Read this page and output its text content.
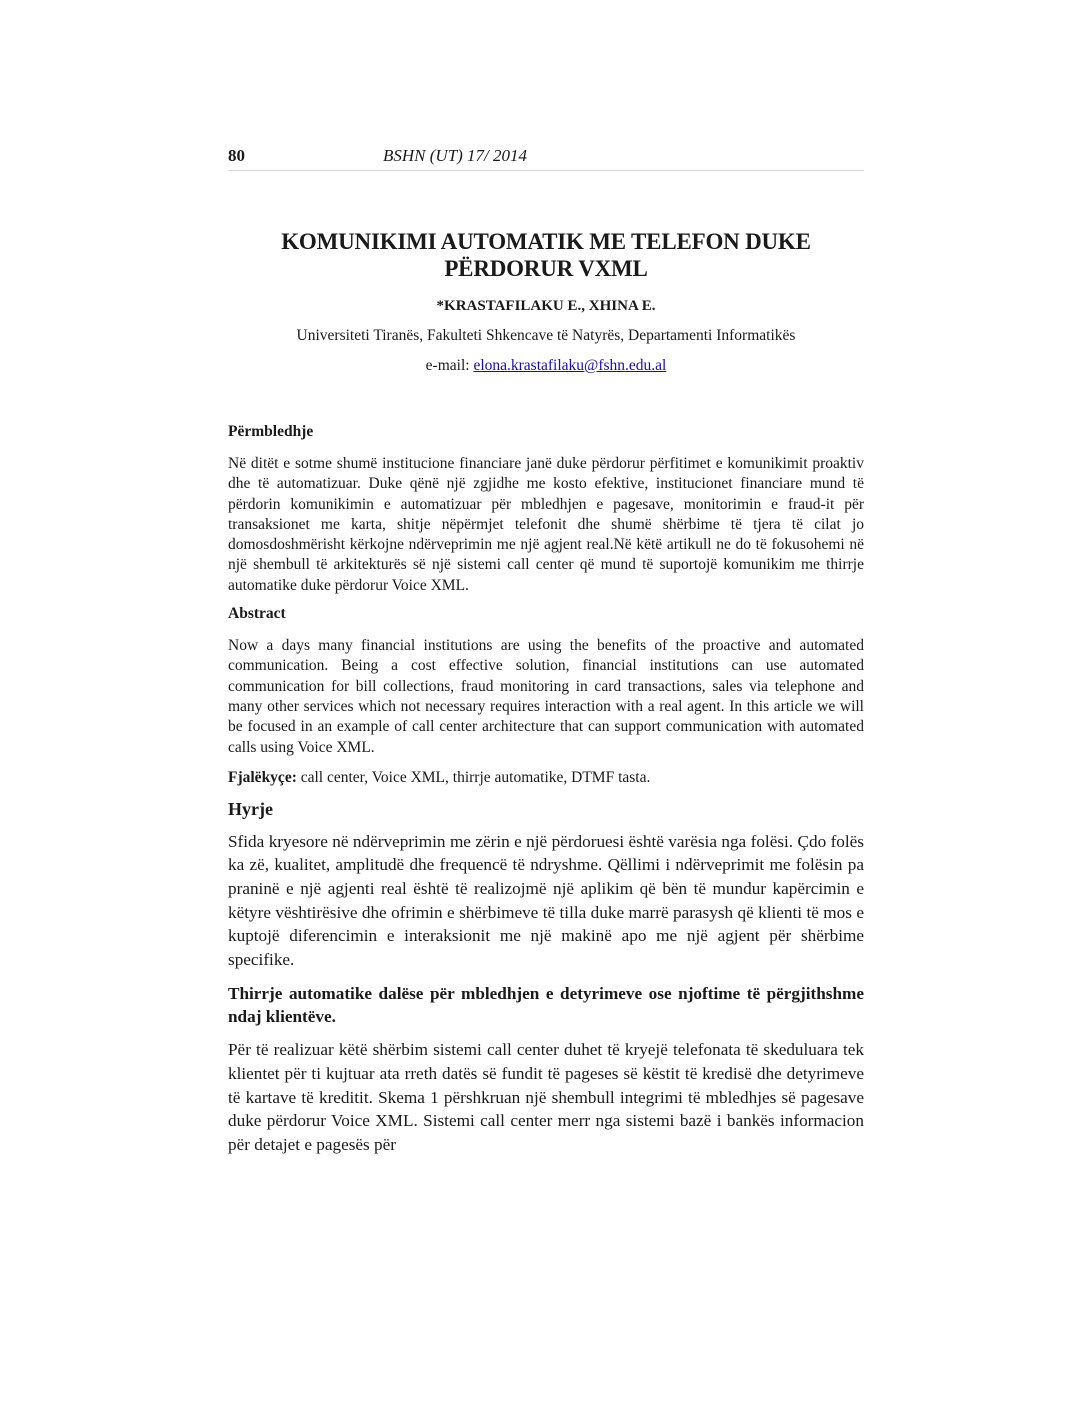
80	BSHN (UT) 17/ 2014
KOMUNIKIMI AUTOMATIK ME TELEFON DUKE
PËRDORUR VXML
*KRASTAFILAKU E., XHINA E.
Universiteti Tiranës, Fakulteti Shkencave të Natyrës, Departamenti Informatikës
e-mail: elona.krastafilaku@fshn.edu.al
Përmbledhje

Në ditët e sotme shumë institucione financiare janë duke përdorur përfitimet e komunikimit proaktiv dhe të automatizuar. Duke qënë një zgjidhe me kosto efektive, institucionet financiare mund të përdorin komunikimin e automatizuar për mbledhjen e pagesave, monitorimin e fraud-it për transaksionet me karta, shitje nëpërmjet telefonit dhe shumë shërbime të tjera të cilat jo domosdoshmërisht kërkojne ndërveprimin me një agjent real.Në këtë artikull ne do të fokusohemi në një shembull të arkitekturës së një sistemi call center që mund të suportojë komunikim me thirrje automatike duke përdorur Voice XML.

Abstract

Now a days many financial institutions are using the benefits of the proactive and automated communication. Being a cost effective solution, financial institutions can use automated communication for bill collections, fraud monitoring in card transactions, sales via telephone and many other services which not necessary requires interaction with a real agent. In this article we will be focused in an example of call center architecture that can support communication with automated calls using Voice XML.

Fjalëkyçe: call center, Voice XML, thirrje automatike, DTMF tasta.

Hyrje

Sfida kryesore në ndërveprimin me zërin e një përdoruesi është varësia nga folësi. Çdo folës ka zë, kualitet, amplitudë dhe frequencë të ndryshme. Qëllimi i ndërveprimit me folësin pa praninë e një agjenti real është të realizojmë një aplikim që bën të mundur kapërcimin e këtyre vështirësive dhe ofrimin e shërbimeve të tilla duke marrë parasysh që klienti të mos e kuptojë diferencimin e interaksionit me një makinë apo me një agjent për shërbime specifike.

Thirrje automatike dalëse për mbledhjen e detyrimeve ose njoftime të përgjithshme ndaj klientëve.

Për të realizuar këtë shërbim sistemi call center duhet të kryejë telefonata të skeduluara tek klientet për ti kujtuar ata rreth datës së fundit të pageses së këstit të kredisë dhe detyrimeve të kartave të kreditit. Skema 1 përshkruan një shembull integrimi të mbledhjes së pagesave duke përdorur Voice XML. Sistemi call center merr nga sistemi bazë i bankës informacion për detajet e pagesës për
